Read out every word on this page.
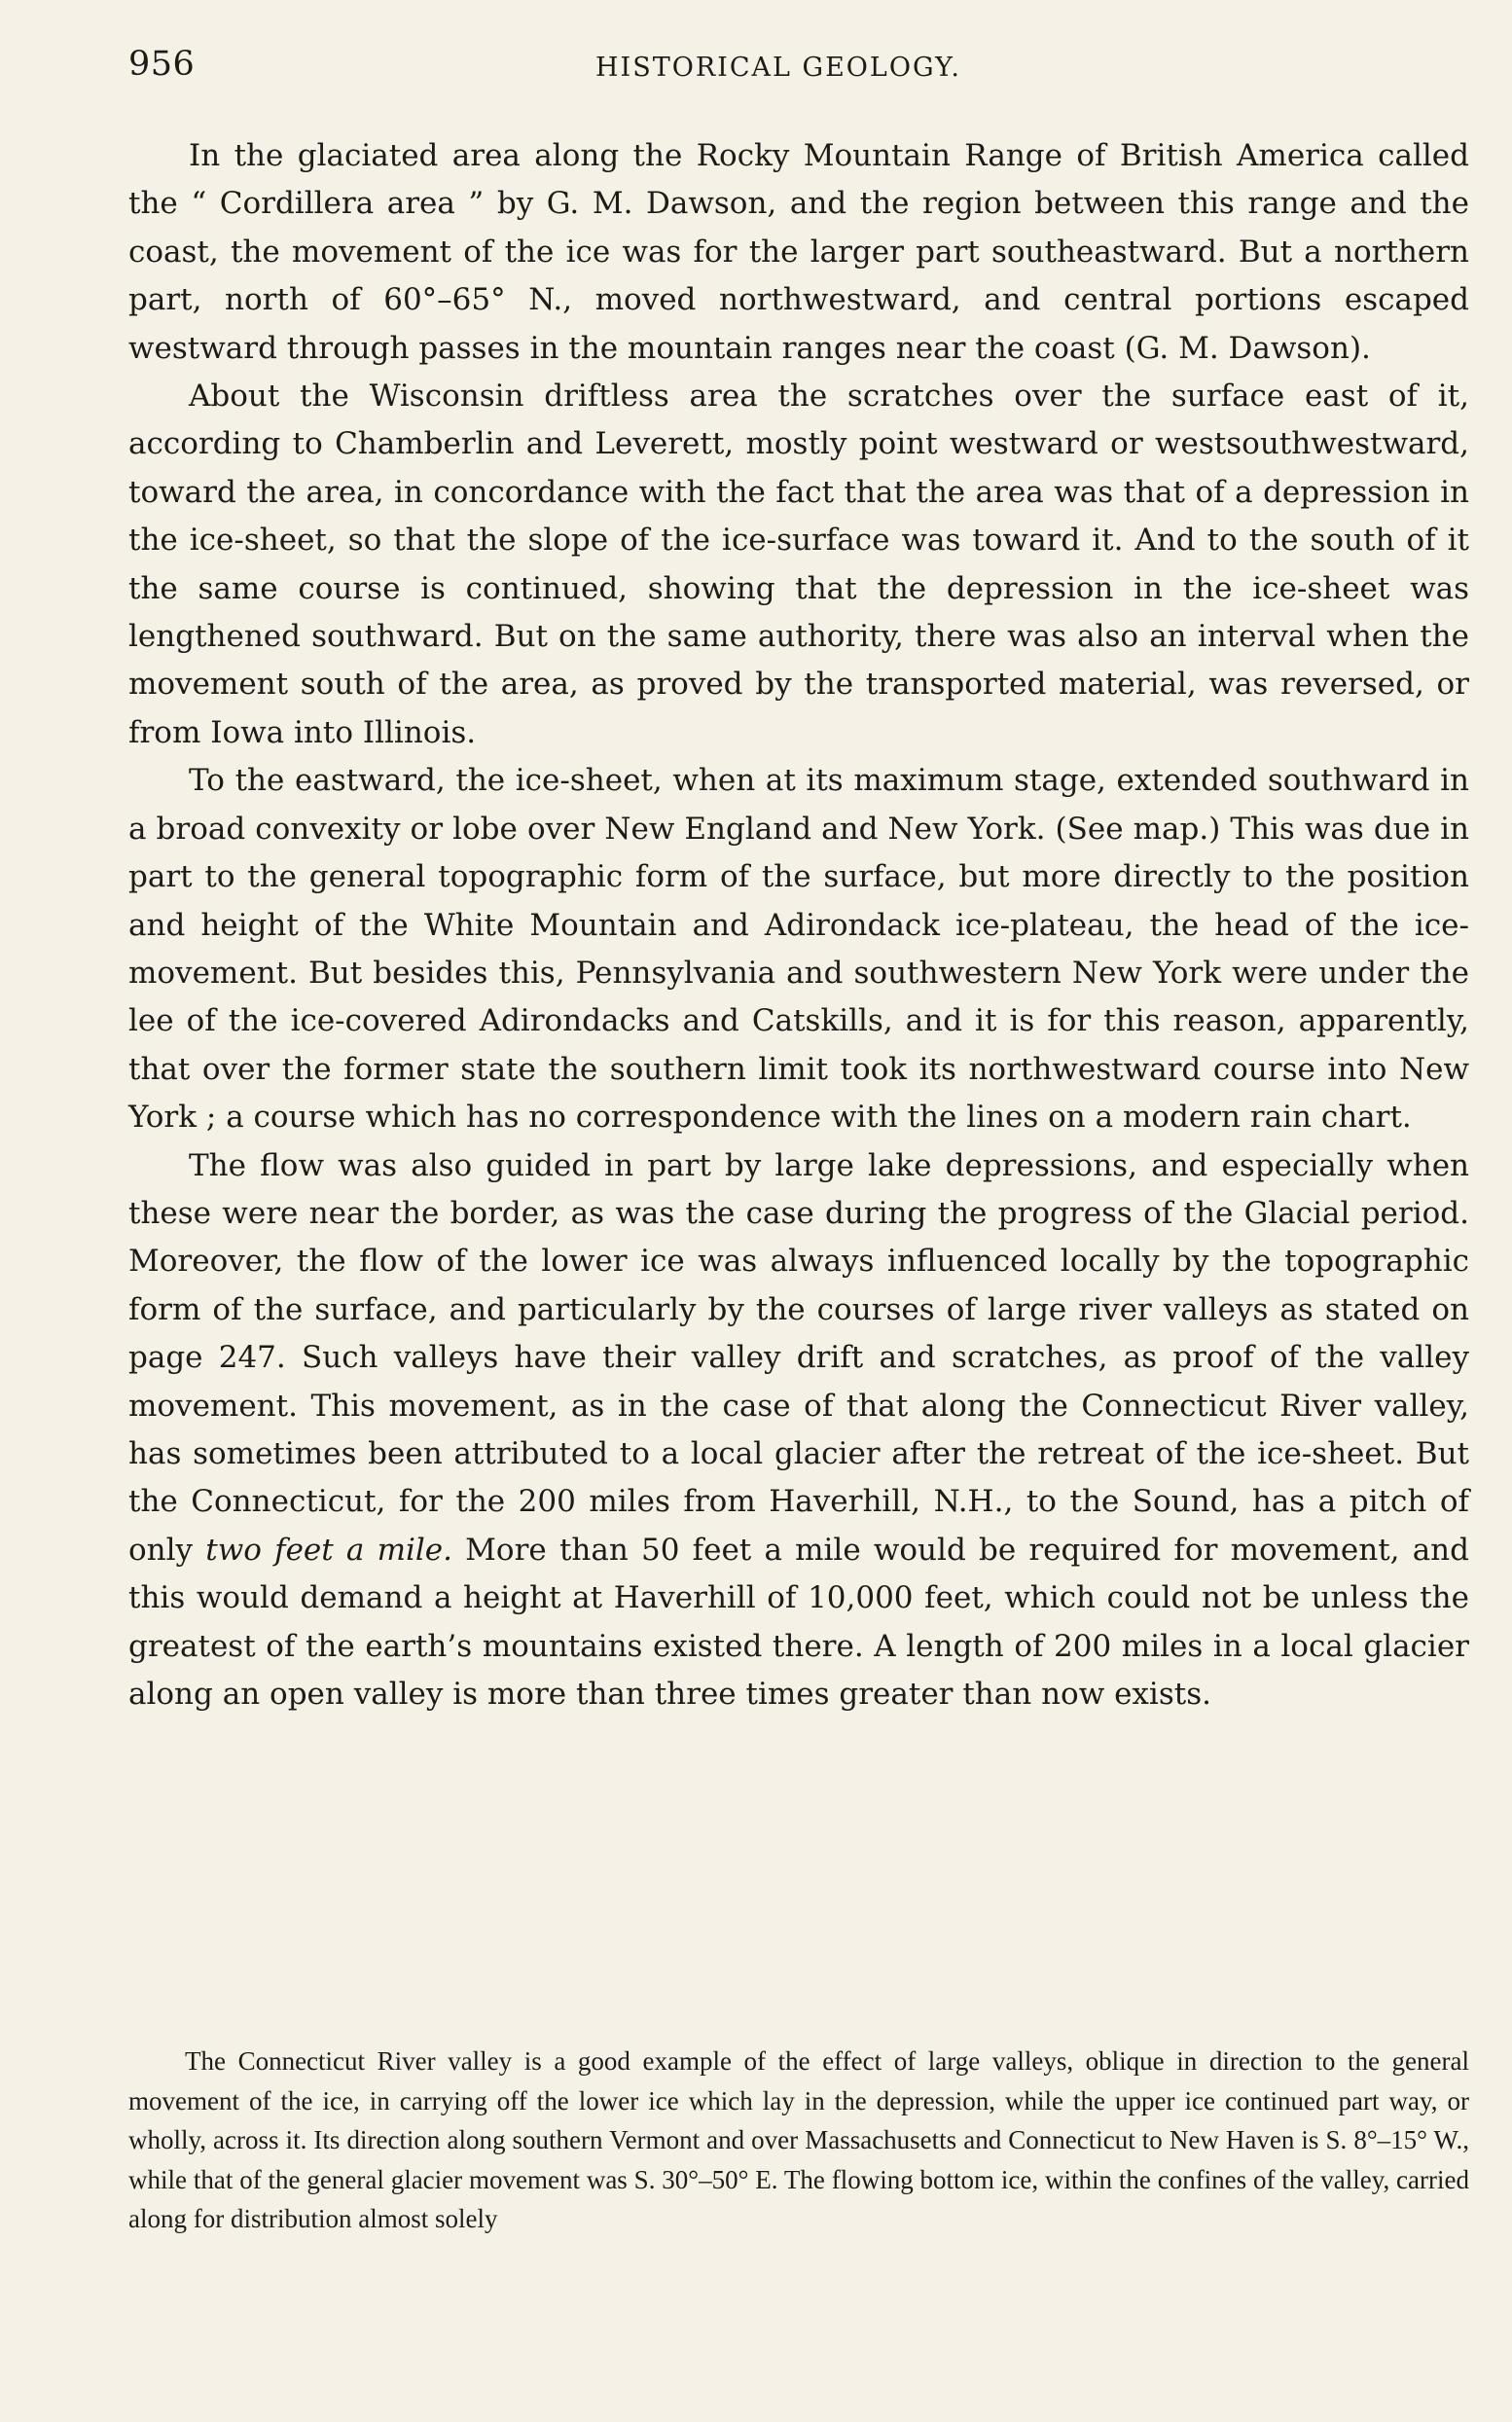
956	HISTORICAL GEOLOGY.

In the glaciated area along the Rocky Mountain Range of British America called the “ Cordillera area ” by G. M. Dawson, and the region between this range and the coast, the movement of the ice was for the larger part southeastward. But a northern part, north of 60°–65° N., moved northwestward, and central portions escaped westward through passes in the mountain ranges near the coast (G. M. Dawson).

About the Wisconsin driftless area the scratches over the surface east of it, according to Chamberlin and Leverett, mostly point westward or westsouthwestward, toward the area, in concordance with the fact that the area was that of a depression in the ice-sheet, so that the slope of the ice-surface was toward it. And to the south of it the same course is continued, showing that the depression in the ice-sheet was lengthened southward. But on the same authority, there was also an interval when the movement south of the area, as proved by the transported material, was reversed, or from Iowa into Illinois.

To the eastward, the ice-sheet, when at its maximum stage, extended southward in a broad convexity or lobe over New England and New York. (See map.) This was due in part to the general topographic form of the surface, but more directly to the position and height of the White Mountain and Adirondack ice-plateau, the head of the ice-movement. But besides this, Pennsylvania and southwestern New York were under the lee of the ice-covered Adirondacks and Catskills, and it is for this reason, apparently, that over the former state the southern limit took its northwestward course into New York ; a course which has no correspondence with the lines on a modern rain chart.

The flow was also guided in part by large lake depressions, and especially when these were near the border, as was the case during the progress of the Glacial period. Moreover, the flow of the lower ice was always influenced locally by the topographic form of the surface, and particularly by the courses of large river valleys as stated on page 247. Such valleys have their valley drift and scratches, as proof of the valley movement. This movement, as in the case of that along the Connecticut River valley, has sometimes been attributed to a local glacier after the retreat of the ice-sheet. But the Connecticut, for the 200 miles from Haverhill, N.H., to the Sound, has a pitch of only two feet a mile. More than 50 feet a mile would be required for movement, and this would demand a height at Haverhill of 10,000 feet, which could not be unless the greatest of the earth’s mountains existed there. A length of 200 miles in a local glacier along an open valley is more than three times greater than now exists.

The Connecticut River valley is a good example of the effect of large valleys, oblique in direction to the general movement of the ice, in carrying off the lower ice which lay in the depression, while the upper ice continued part way, or wholly, across it. Its direction along southern Vermont and over Massachusetts and Connecticut to New Haven is S. 8°–15° W., while that of the general glacier movement was S. 30°–50° E. The flowing bottom ice, within the confines of the valley, carried along for distribution almost solely
